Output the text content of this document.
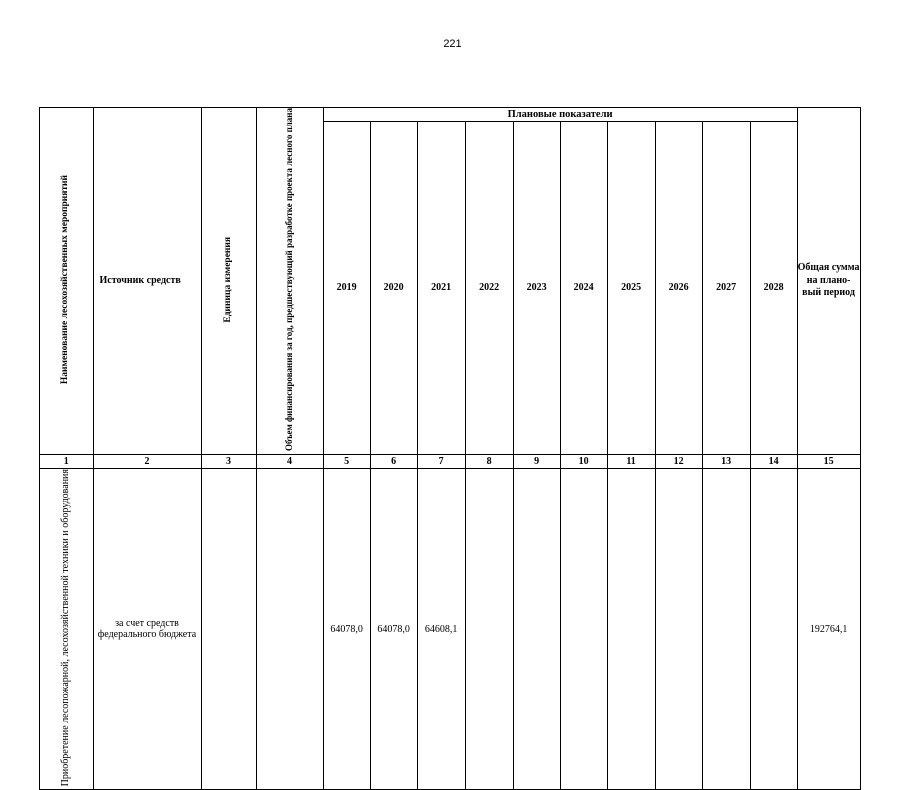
221
Наименование лесохозяйственных мероприятий	Источник средств	Единица измерения	Объем финансирования за год, предшествующий разработке проекта лесного плана	Плановые показатели										Общая сумма на плано-вый период
				2019	2020	2021	2022	2023	2024	2025	2026	2027	2028	
1	2	3	4	5	6	7	8	9	10	11	12	13	14	15
Приобретение лесопожарной, лесохозяйственной техники и оборудования	за счет средств федерального бюджета			64078,0	64078,0	64608,1								192764,1
